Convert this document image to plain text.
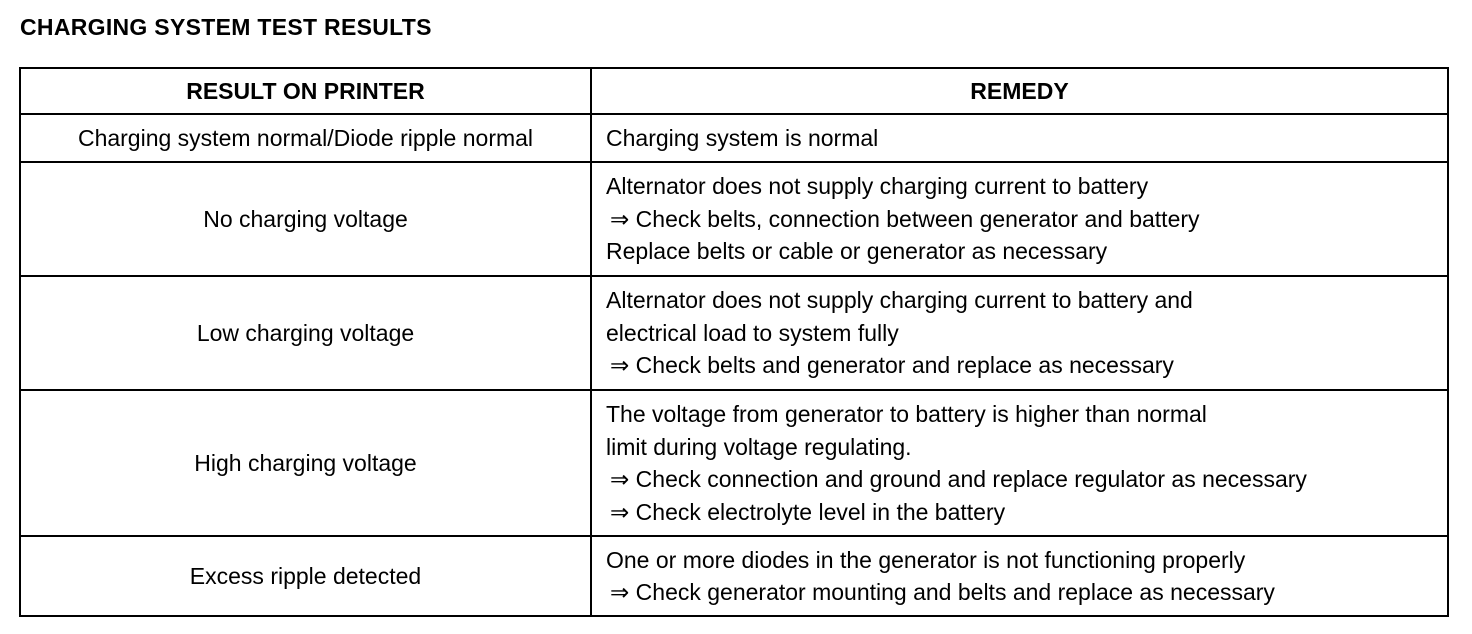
CHARGING SYSTEM TEST RESULTS
RESULT ON PRINTER	REMEDY
Charging system normal/Diode ripple normal	Charging system is normal

No charging voltage	Alternator does not supply charging current to battery
⇒ Check belts, connection between generator and battery
Replace belts or cable or generator as necessary

Low charging voltage	Alternator does not supply charging current to battery and
electrical load to system fully
⇒ Check belts and generator and replace as necessary

High charging voltage	The voltage from generator to battery is higher than normal
limit during voltage regulating.
⇒ Check connection and ground and replace regulator as necessary
⇒ Check electrolyte level in the battery

Excess ripple detected	One or more diodes in the generator is not functioning properly
⇒ Check generator mounting and belts and replace as necessary
